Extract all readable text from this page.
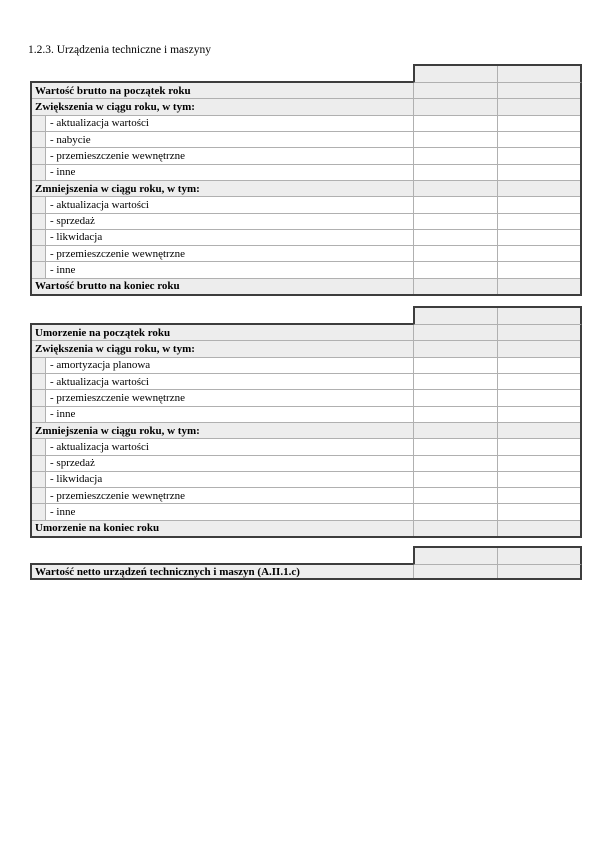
1.2.3. Urządzenia techniczne i maszyny
Wartość brutto na początek roku
Zwiększenia w ciągu roku, w tym:
- aktualizacja wartości
- nabycie
- przemieszczenie wewnętrzne
- inne
Zmniejszenia w ciągu roku, w tym:
- aktualizacja wartości
- sprzedaż
- likwidacja
- przemieszczenie wewnętrzne
- inne
Wartość brutto na koniec roku
Umorzenie na początek roku
Zwiększenia w ciągu roku, w tym:
- amortyzacja planowa
- aktualizacja wartości
- przemieszczenie wewnętrzne
- inne
Zmniejszenia w ciągu roku, w tym:
- aktualizacja wartości
- sprzedaż
- likwidacja
- przemieszczenie wewnętrzne
- inne
Umorzenie na koniec roku
Wartość netto urządzeń technicznych i maszyn (A.II.1.c)
